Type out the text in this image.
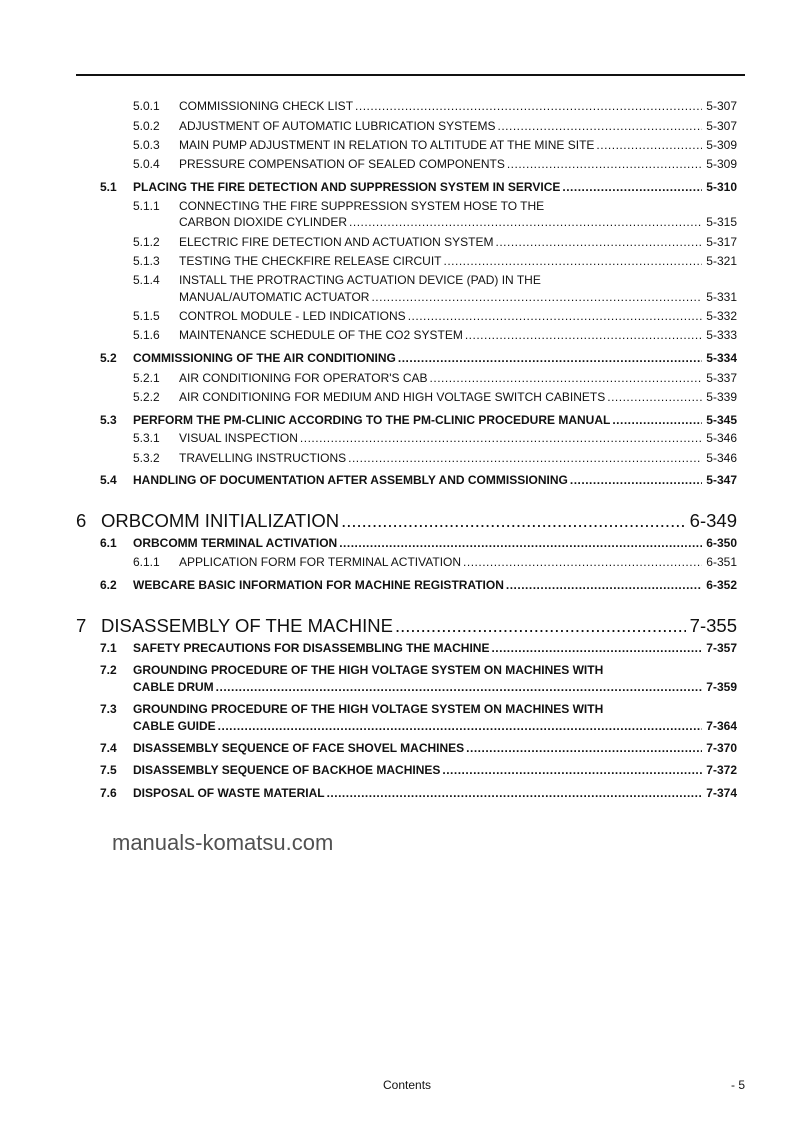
5.0.1 COMMISSIONING CHECK LIST .....	5-307
5.0.2 ADJUSTMENT OF AUTOMATIC LUBRICATION SYSTEMS .....	5-307
5.0.3 MAIN PUMP ADJUSTMENT IN RELATION TO ALTITUDE AT THE MINE SITE .....	5-309
5.0.4 PRESSURE COMPENSATION OF SEALED COMPONENTS .....	5-309
5.1 PLACING THE FIRE DETECTION AND SUPPRESSION SYSTEM IN SERVICE .....	5-310
5.1.1 CONNECTING THE FIRE SUPPRESSION SYSTEM HOSE TO THE
CARBON DIOXIDE CYLINDER .....	5-315
5.1.2 ELECTRIC FIRE DETECTION AND ACTUATION SYSTEM .....	5-317
5.1.3 TESTING THE CHECKFIRE RELEASE CIRCUIT .....	5-321
5.1.4 INSTALL THE PROTRACTING ACTUATION DEVICE (PAD) IN THE
MANUAL/AUTOMATIC ACTUATOR .....	5-331
5.1.5 CONTROL MODULE - LED INDICATIONS .....	5-332
5.1.6 MAINTENANCE SCHEDULE OF THE CO2 SYSTEM .....	5-333
5.2 COMMISSIONING OF THE AIR CONDITIONING .....	5-334
5.2.1 AIR CONDITIONING FOR OPERATOR'S CAB .....	5-337
5.2.2 AIR CONDITIONING FOR MEDIUM AND HIGH VOLTAGE SWITCH CABINETS .....	5-339
5.3 PERFORM THE PM-CLINIC ACCORDING TO THE PM-CLINIC PROCEDURE MANUAL .....	5-345
5.3.1 VISUAL INSPECTION .....	5-346
5.3.2 TRAVELLING INSTRUCTIONS .....	5-346
5.4 HANDLING OF DOCUMENTATION AFTER ASSEMBLY AND COMMISSIONING .....	5-347
6 ORBCOMM INITIALIZATION .....	6-349
6.1 ORBCOMM TERMINAL ACTIVATION .....	6-350
6.1.1 APPLICATION FORM FOR TERMINAL ACTIVATION .....	6-351
6.2 WEBCARE BASIC INFORMATION FOR MACHINE REGISTRATION .....	6-352
7 DISASSEMBLY OF THE MACHINE .....	7-355
7.1 SAFETY PRECAUTIONS FOR DISASSEMBLING THE MACHINE .....	7-357
7.2 GROUNDING PROCEDURE OF THE HIGH VOLTAGE SYSTEM ON MACHINES WITH
CABLE DRUM .....	7-359
7.3 GROUNDING PROCEDURE OF THE HIGH VOLTAGE SYSTEM ON MACHINES WITH
CABLE GUIDE .....	7-364
7.4 DISASSEMBLY SEQUENCE OF FACE SHOVEL MACHINES .....	7-370
7.5 DISASSEMBLY SEQUENCE OF BACKHOE MACHINES .....	7-372
7.6 DISPOSAL OF WASTE MATERIAL .....	7-374
manuals-komatsu.com
Contents	- 5
